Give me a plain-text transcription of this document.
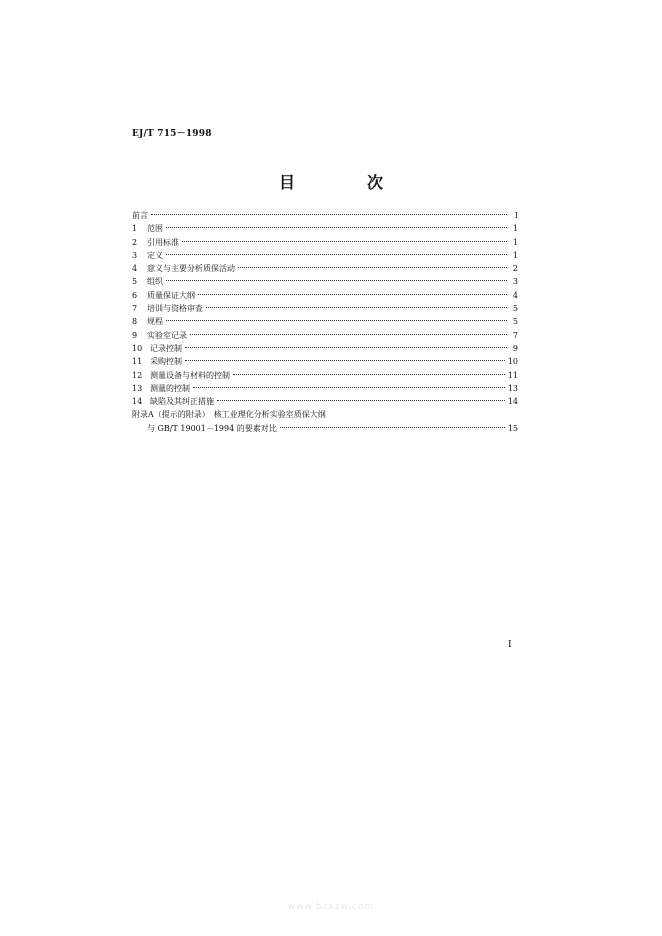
EJ/T 715－1998
目　次
前言	Ⅰ
1	范围	1
2	引用标准	1
3	定义	1
4	意义与主要分析质保活动	2
5	组织	3
6	质量保证大纲	4
7	培训与资格审查	5
8	规程	5
9	实验室记录	7
10 记录控制	9
11 采购控制	10
12 测量设备与材料的控制	11
13 测量的控制	13
14 缺陷及其纠正措施	14
附录A（提示的附录）　核工业理化分析实验室质保大纲
与 GB/T 19001－1994 的要素对比	15
Ⅰ
www.bzxzw.com
